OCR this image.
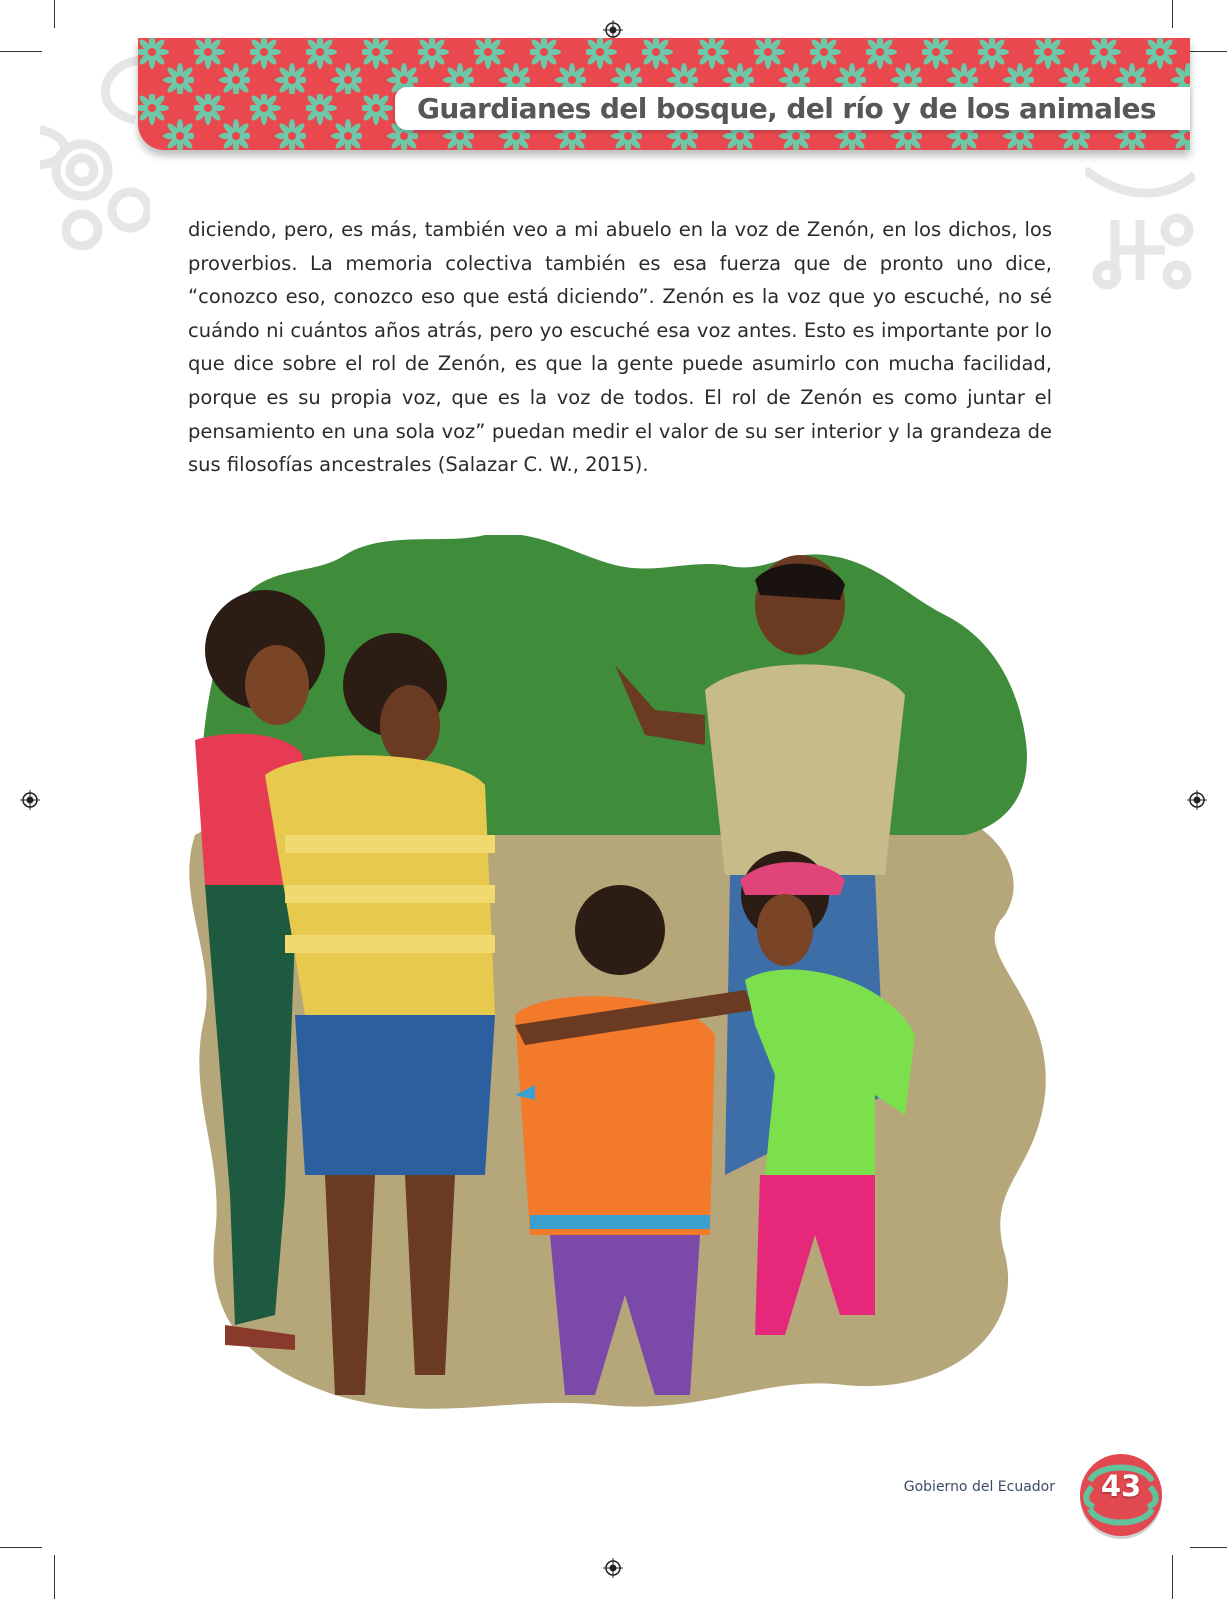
Guardianes del bosque, del río y de los animales

diciendo, pero, es más, también veo a mi abuelo en la voz de Zenón, en los dichos, los proverbios. La memoria colectiva también es esa fuerza que de pronto uno dice, “conozco eso, conozco eso que está diciendo”. Zenón es la voz que yo escuché, no sé cuándo ni cuántos años atrás, pero yo escuché esa voz antes. Esto es importante por lo que dice sobre el rol de Zenón, es que la gente puede asumirlo con mucha facilidad, porque es su propia voz, que es la voz de todos. El rol de Zenón es como juntar el pensamiento en una sola voz” puedan medir el valor de su ser interior y la grandeza de sus filosofías ancestrales (Salazar C. W., 2015).

Gobierno del Ecuador	43
